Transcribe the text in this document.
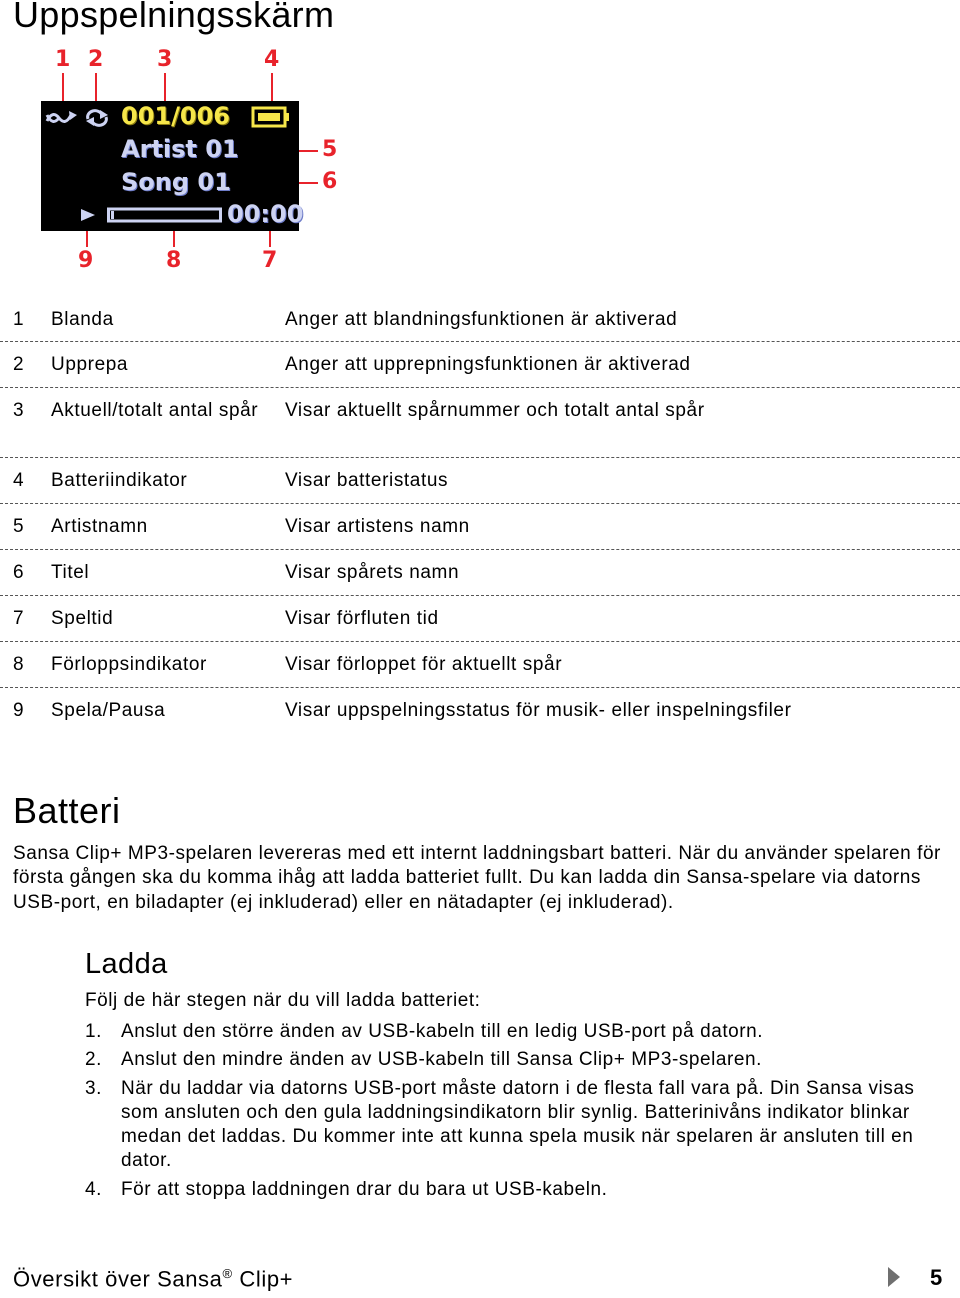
Uppspelningsskärm
1 2 3	4
5
6
7
8
9
001/006
Artist 01
Song 01
00:00
1 Blanda	Anger att blandningsfunktionen är aktiverad
2 Upprepa	Anger att upprepningsfunktionen är aktiverad
3 Aktuell/totalt antal spår	Visar aktuellt spårnummer och totalt antal spår
4 Batteriindikator	Visar batteristatus
5 Artistnamn	Visar artistens namn
6 Titel	Visar spårets namn
7 Speltid	Visar förfluten tid
8 Förloppsindikator	Visar förloppet för aktuellt spår
9 Spela/Pausa	Visar uppspelningsstatus för musik- eller inspelningsfiler
Batteri

Sansa Clip+ MP3-spelaren levereras med ett internt laddningsbart batteri. När du använder spelaren för första gången ska du komma ihåg att ladda batteriet fullt. Du kan ladda din Sansa-spelare via datorns USB-port, en biladapter (ej inkluderad) eller en nätadapter (ej inkluderad).

Ladda

Följ de här stegen när du vill ladda batteriet:

1. Anslut den större änden av USB-kabeln till en ledig USB-port på datorn.
2. Anslut den mindre änden av USB-kabeln till Sansa Clip+ MP3-spelaren.
3. När du laddar via datorns USB-port måste datorn i de flesta fall vara på. Din Sansa visas som ansluten och den gula laddningsindikatorn blir synlig. Batterinivåns indikator blinkar medan det laddas. Du kommer inte att kunna spela musik när spelaren är ansluten till en dator.
4. För att stoppa laddningen drar du bara ut USB-kabeln.
Översikt över Sansa® Clip+	5
